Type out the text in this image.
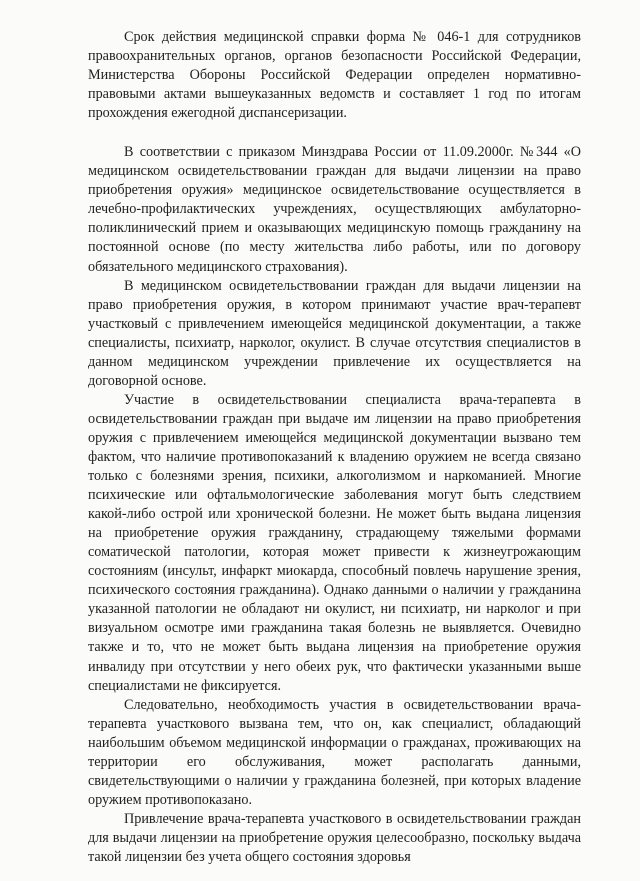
Срок действия медицинской справки форма № 046-1 для сотрудников правоохранительных органов, органов безопасности Российской Федерации, Министерства Обороны Российской Федерации определен нормативно-правовыми актами вышеуказанных ведомств и составляет 1 год по итогам прохождения ежегодной диспансеризации.

В соответствии с приказом Минздрава России от 11.09.2000г. №344 «О медицинском освидетельствовании граждан для выдачи лицензии на право приобретения оружия» медицинское освидетельствование осуществляется в лечебно-профилактических учреждениях, осуществляющих амбулаторно-поликлинический прием и оказывающих медицинскую помощь гражданину на постоянной основе (по месту жительства либо работы, или по договору обязательного медицинского страхования).

В медицинском освидетельствовании граждан для выдачи лицензии на право приобретения оружия, в котором принимают участие врач-терапевт участковый с привлечением имеющейся медицинской документации, а также специалисты, психиатр, нарколог, окулист. В случае отсутствия специалистов в данном медицинском учреждении привлечение их осуществляется на договорной основе.

Участие в освидетельствовании специалиста врача-терапевта в освидетельствовании граждан при выдаче им лицензии на право приобретения оружия с привлечением имеющейся медицинской документации вызвано тем фактом, что наличие противопоказаний к владению оружием не всегда связано только с болезнями зрения, психики, алкоголизмом и наркоманией. Многие психические или офтальмологические заболевания могут быть следствием какой-либо острой или хронической болезни. Не может быть выдана лицензия на приобретение оружия гражданину, страдающему тяжелыми формами соматической патологии, которая может привести к жизнеугрожающим состояниям (инсульт, инфаркт миокарда, способный повлечь нарушение зрения, психического состояния гражданина). Однако данными о наличии у гражданина указанной патологии не обладают ни окулист, ни психиатр, ни нарколог и при визуальном осмотре ими гражданина такая болезнь не выявляется. Очевидно также и то, что не может быть выдана лицензия на приобретение оружия инвалиду при отсутствии у него обеих рук, что фактически указанными выше специалистами не фиксируется.

Следовательно, необходимость участия в освидетельствовании врача-терапевта участкового вызвана тем, что он, как специалист, обладающий наибольшим объемом медицинской информации о гражданах, проживающих на территории его обслуживания, может располагать данными, свидетельствующими о наличии у гражданина болезней, при которых владение оружием противопоказано.

Привлечение врача-терапевта участкового в освидетельствовании граждан для выдачи лицензии на приобретение оружия целесообразно, поскольку выдача такой лицензии без учета общего состояния здоровья
